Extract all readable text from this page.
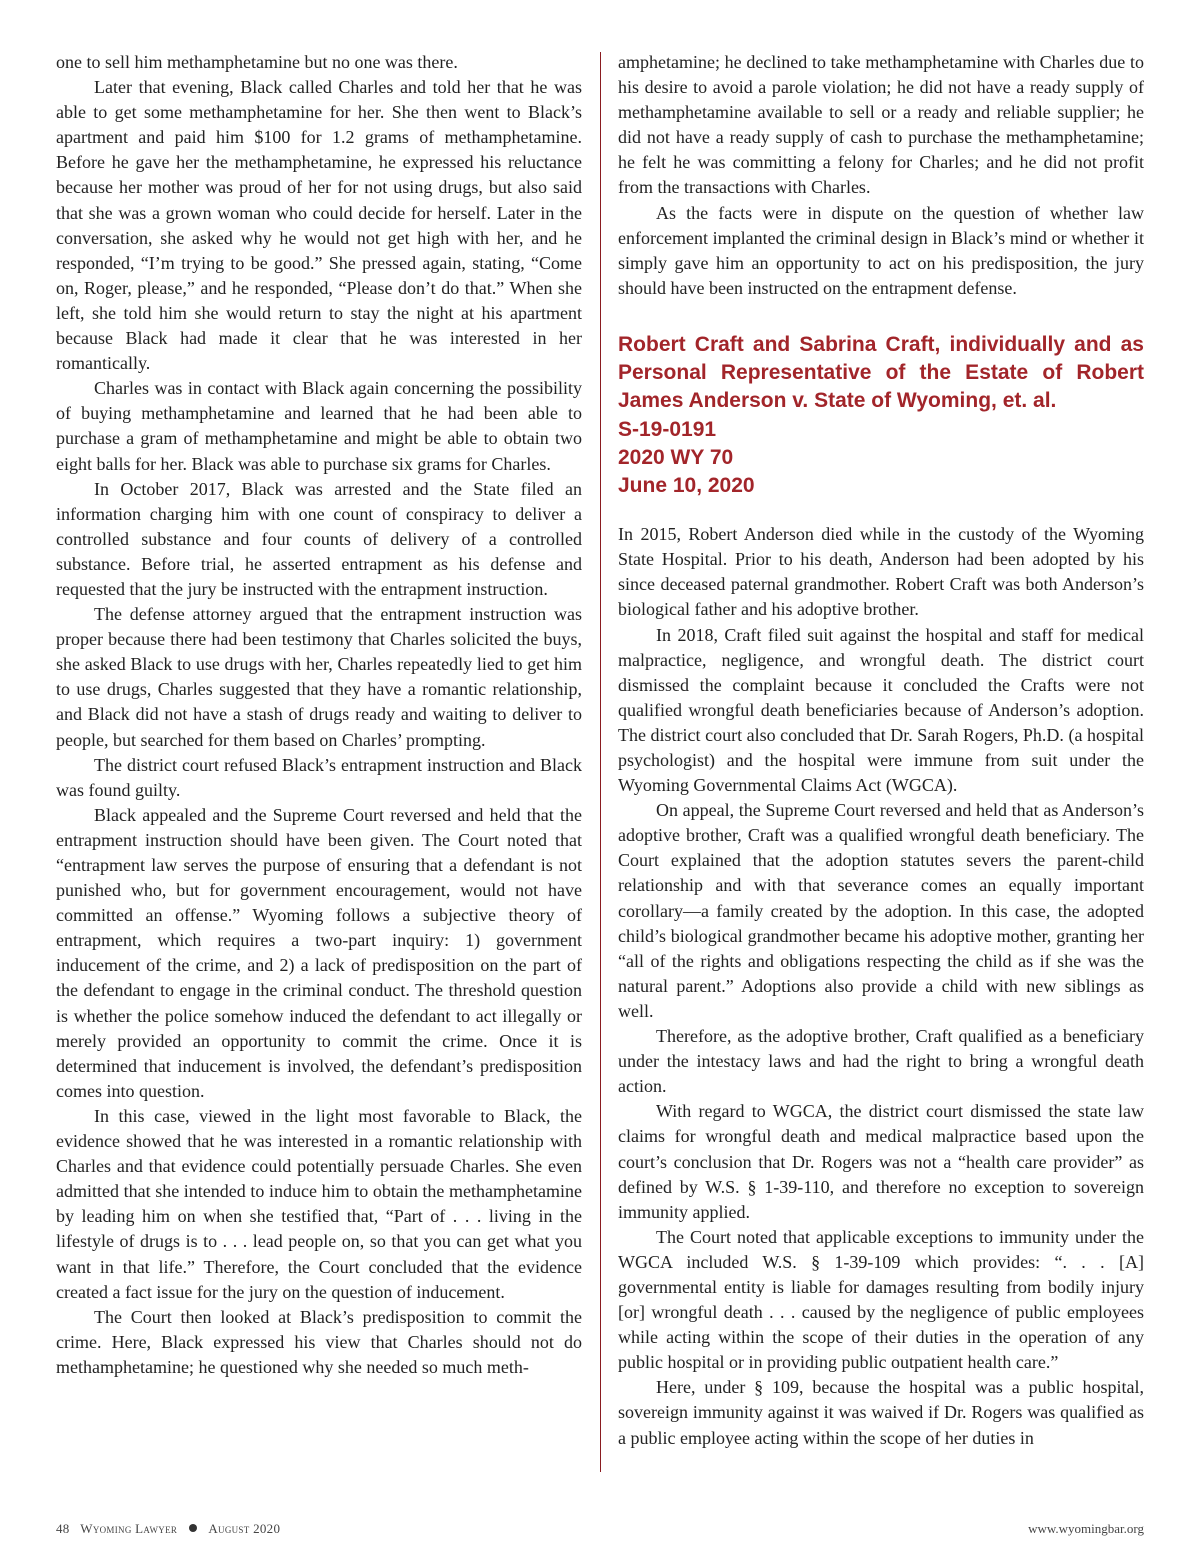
one to sell him methamphetamine but no one was there.

Later that evening, Black called Charles and told her that he was able to get some methamphetamine for her. She then went to Black’s apartment and paid him $100 for 1.2 grams of methamphetamine. Before he gave her the methamphetamine, he expressed his reluctance because her mother was proud of her for not using drugs, but also said that she was a grown woman who could decide for herself. Later in the conversation, she asked why he would not get high with her, and he responded, “I’m trying to be good.” She pressed again, stating, “Come on, Roger, please,” and he responded, “Please don’t do that.” When she left, she told him she would return to stay the night at his apartment because Black had made it clear that he was interested in her romantically.

Charles was in contact with Black again concerning the possibility of buying methamphetamine and learned that he had been able to purchase a gram of methamphetamine and might be able to obtain two eight balls for her. Black was able to purchase six grams for Charles.

In October 2017, Black was arrested and the State filed an information charging him with one count of conspiracy to deliver a controlled substance and four counts of delivery of a controlled substance. Before trial, he asserted entrapment as his defense and requested that the jury be instructed with the entrapment instruction.

The defense attorney argued that the entrapment instruction was proper because there had been testimony that Charles solicited the buys, she asked Black to use drugs with her, Charles repeatedly lied to get him to use drugs, Charles suggested that they have a romantic relationship, and Black did not have a stash of drugs ready and waiting to deliver to people, but searched for them based on Charles’ prompting.

The district court refused Black’s entrapment instruction and Black was found guilty.

Black appealed and the Supreme Court reversed and held that the entrapment instruction should have been given. The Court noted that “entrapment law serves the purpose of ensuring that a defendant is not punished who, but for government encouragement, would not have committed an offense.” Wyoming follows a subjective theory of entrapment, which requires a two-part inquiry: 1) government inducement of the crime, and 2) a lack of predisposition on the part of the defendant to engage in the criminal conduct. The threshold question is whether the police somehow induced the defendant to act illegally or merely provided an opportunity to commit the crime. Once it is determined that inducement is involved, the defendant’s predisposition comes into question.

In this case, viewed in the light most favorable to Black, the evidence showed that he was interested in a romantic relationship with Charles and that evidence could potentially persuade Charles. She even admitted that she intended to induce him to obtain the methamphetamine by leading him on when she testified that, “Part of . . . living in the lifestyle of drugs is to . . . lead people on, so that you can get what you want in that life.” Therefore, the Court concluded that the evidence created a fact issue for the jury on the question of inducement.

The Court then looked at Black’s predisposition to commit the crime. Here, Black expressed his view that Charles should not do methamphetamine; he questioned why she needed so much meth-

amphetamine; he declined to take methamphetamine with Charles due to his desire to avoid a parole violation; he did not have a ready supply of methamphetamine available to sell or a ready and reliable supplier; he did not have a ready supply of cash to purchase the methamphetamine; he felt he was committing a felony for Charles; and he did not profit from the transactions with Charles.

As the facts were in dispute on the question of whether law enforcement implanted the criminal design in Black’s mind or whether it simply gave him an opportunity to act on his predisposition, the jury should have been instructed on the entrapment defense.

Robert Craft and Sabrina Craft, individually and as Personal Representative of the Estate of Robert James Anderson v. State of Wyoming, et. al.
S-19-0191
2020 WY 70
June 10, 2020

In 2015, Robert Anderson died while in the custody of the Wyoming State Hospital. Prior to his death, Anderson had been adopted by his since deceased paternal grandmother. Robert Craft was both Anderson’s biological father and his adoptive brother.

In 2018, Craft filed suit against the hospital and staff for medical malpractice, negligence, and wrongful death. The district court dismissed the complaint because it concluded the Crafts were not qualified wrongful death beneficiaries because of Anderson’s adoption. The district court also concluded that Dr. Sarah Rogers, Ph.D. (a hospital psychologist) and the hospital were immune from suit under the Wyoming Governmental Claims Act (WGCA).

On appeal, the Supreme Court reversed and held that as Anderson’s adoptive brother, Craft was a qualified wrongful death beneficiary. The Court explained that the adoption statutes severs the parent-child relationship and with that severance comes an equally important corollary—a family created by the adoption. In this case, the adopted child’s biological grandmother became his adoptive mother, granting her “all of the rights and obligations respecting the child as if she was the natural parent.” Adoptions also provide a child with new siblings as well.

Therefore, as the adoptive brother, Craft qualified as a beneficiary under the intestacy laws and had the right to bring a wrongful death action.

With regard to WGCA, the district court dismissed the state law claims for wrongful death and medical malpractice based upon the court’s conclusion that Dr. Rogers was not a “health care provider” as defined by W.S. § 1-39-110, and therefore no exception to sovereign immunity applied.

The Court noted that applicable exceptions to immunity under the WGCA included W.S. § 1-39-109 which provides: “. . . [A] governmental entity is liable for damages resulting from bodily injury [or] wrongful death . . . caused by the negligence of public employees while acting within the scope of their duties in the operation of any public hospital or in providing public outpatient health care.”

Here, under § 109, because the hospital was a public hospital, sovereign immunity against it was waived if Dr. Rogers was qualified as a public employee acting within the scope of her duties in

48 Wyoming Lawyer August 2020	www.wyomingbar.org
